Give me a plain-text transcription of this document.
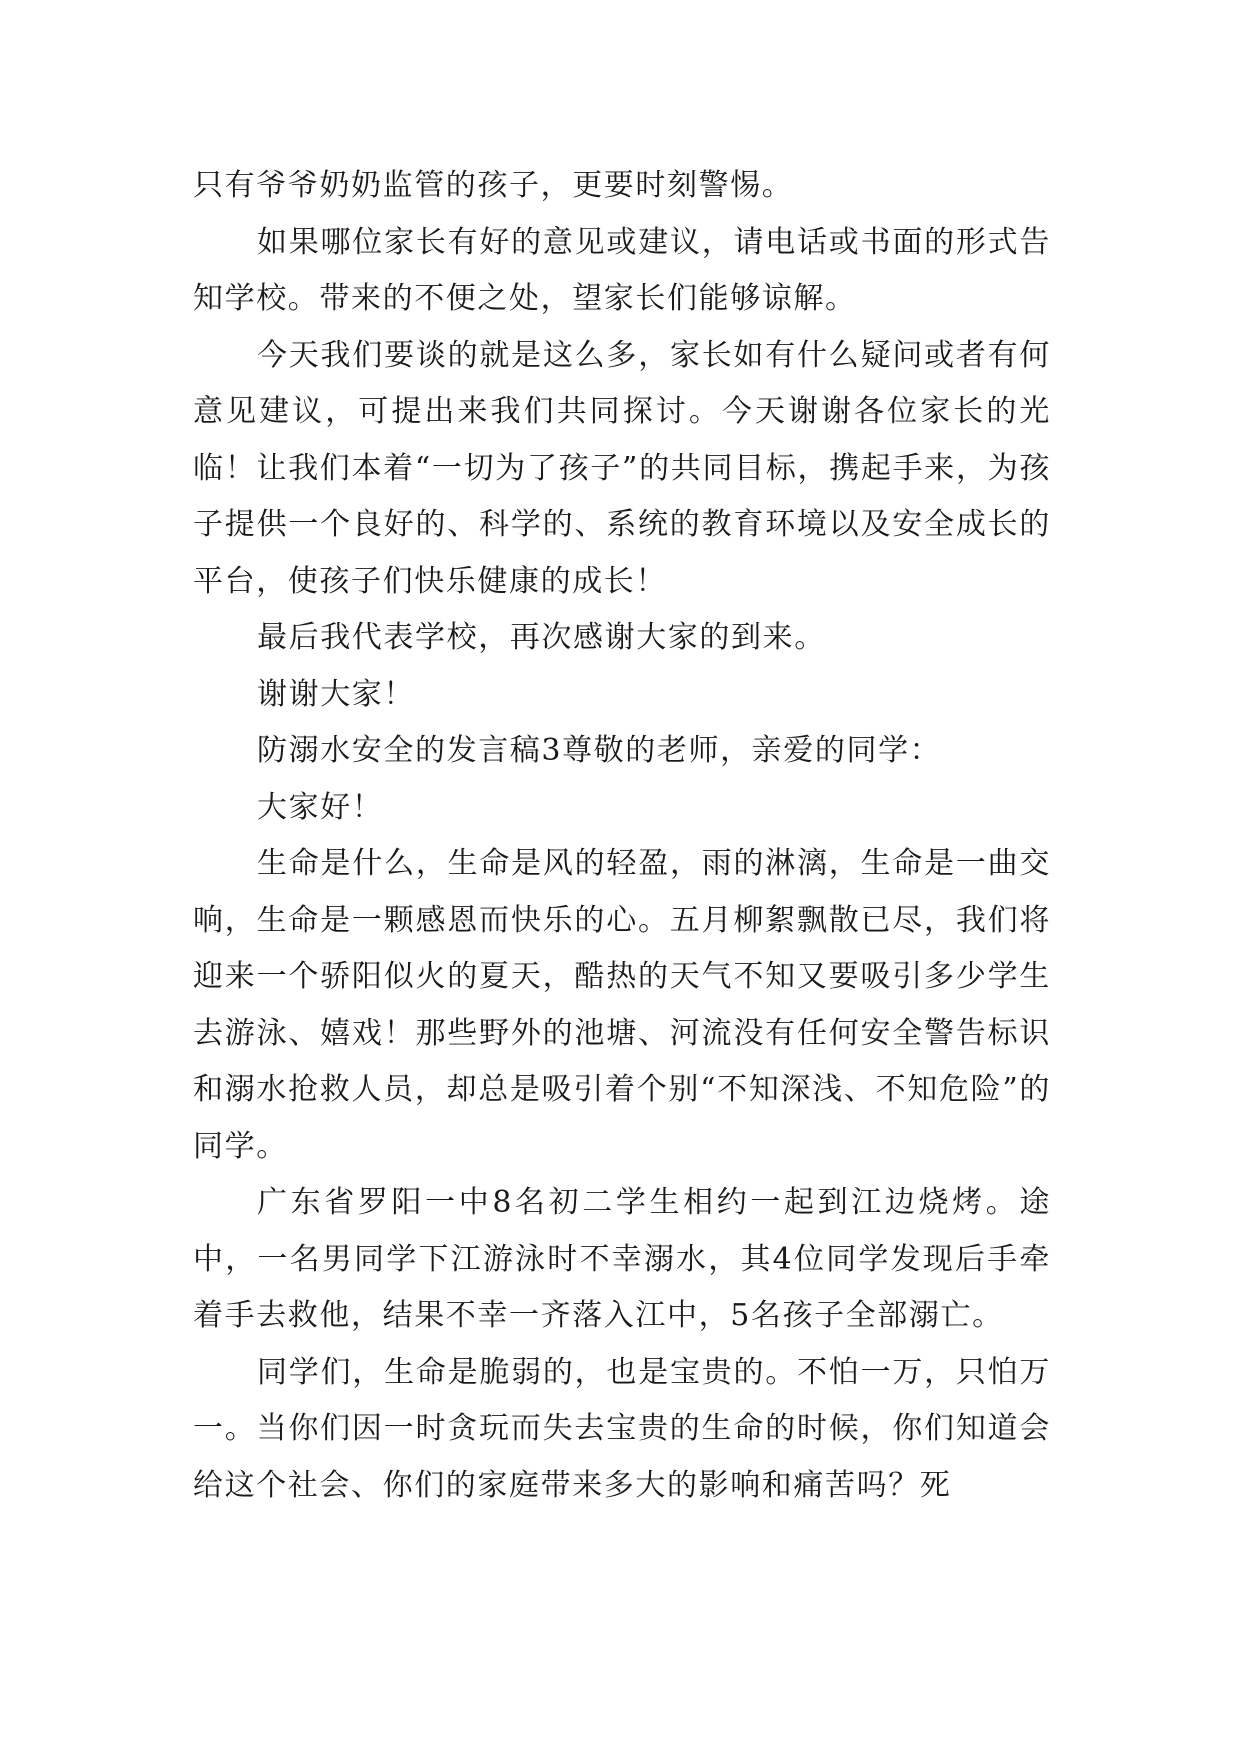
只有爷爷奶奶监管的孩子，更要时刻警惕。

如果哪位家长有好的意见或建议，请电话或书面的形式告知学校。带来的不便之处，望家长们能够谅解。

今天我们要谈的就是这么多，家长如有什么疑问或者有何意见建议，可提出来我们共同探讨。今天谢谢各位家长的光临！让我们本着“一切为了孩子”的共同目标，携起手来，为孩子提供一个良好的、科学的、系统的教育环境以及安全成长的平台，使孩子们快乐健康的成长！

最后我代表学校，再次感谢大家的到来。

谢谢大家！

防溺水安全的发言稿3尊敬的老师，亲爱的同学：

大家好！

生命是什么，生命是风的轻盈，雨的淋漓，生命是一曲交响，生命是一颗感恩而快乐的心。五月柳絮飘散已尽，我们将迎来一个骄阳似火的夏天，酷热的天气不知又要吸引多少学生去游泳、嬉戏！那些野外的池塘、河流没有任何安全警告标识和溺水抢救人员，却总是吸引着个别“不知深浅、不知危险”的同学。

广东省罗阳一中8名初二学生相约一起到江边烧烤。途中，一名男同学下江游泳时不幸溺水，其4位同学发现后手牵着手去救他，结果不幸一齐落入江中，5名孩子全部溺亡。

同学们，生命是脆弱的，也是宝贵的。不怕一万，只怕万一。当你们因一时贪玩而失去宝贵的生命的时候，你们知道会给这个社会、你们的家庭带来多大的影响和痛苦吗？死
